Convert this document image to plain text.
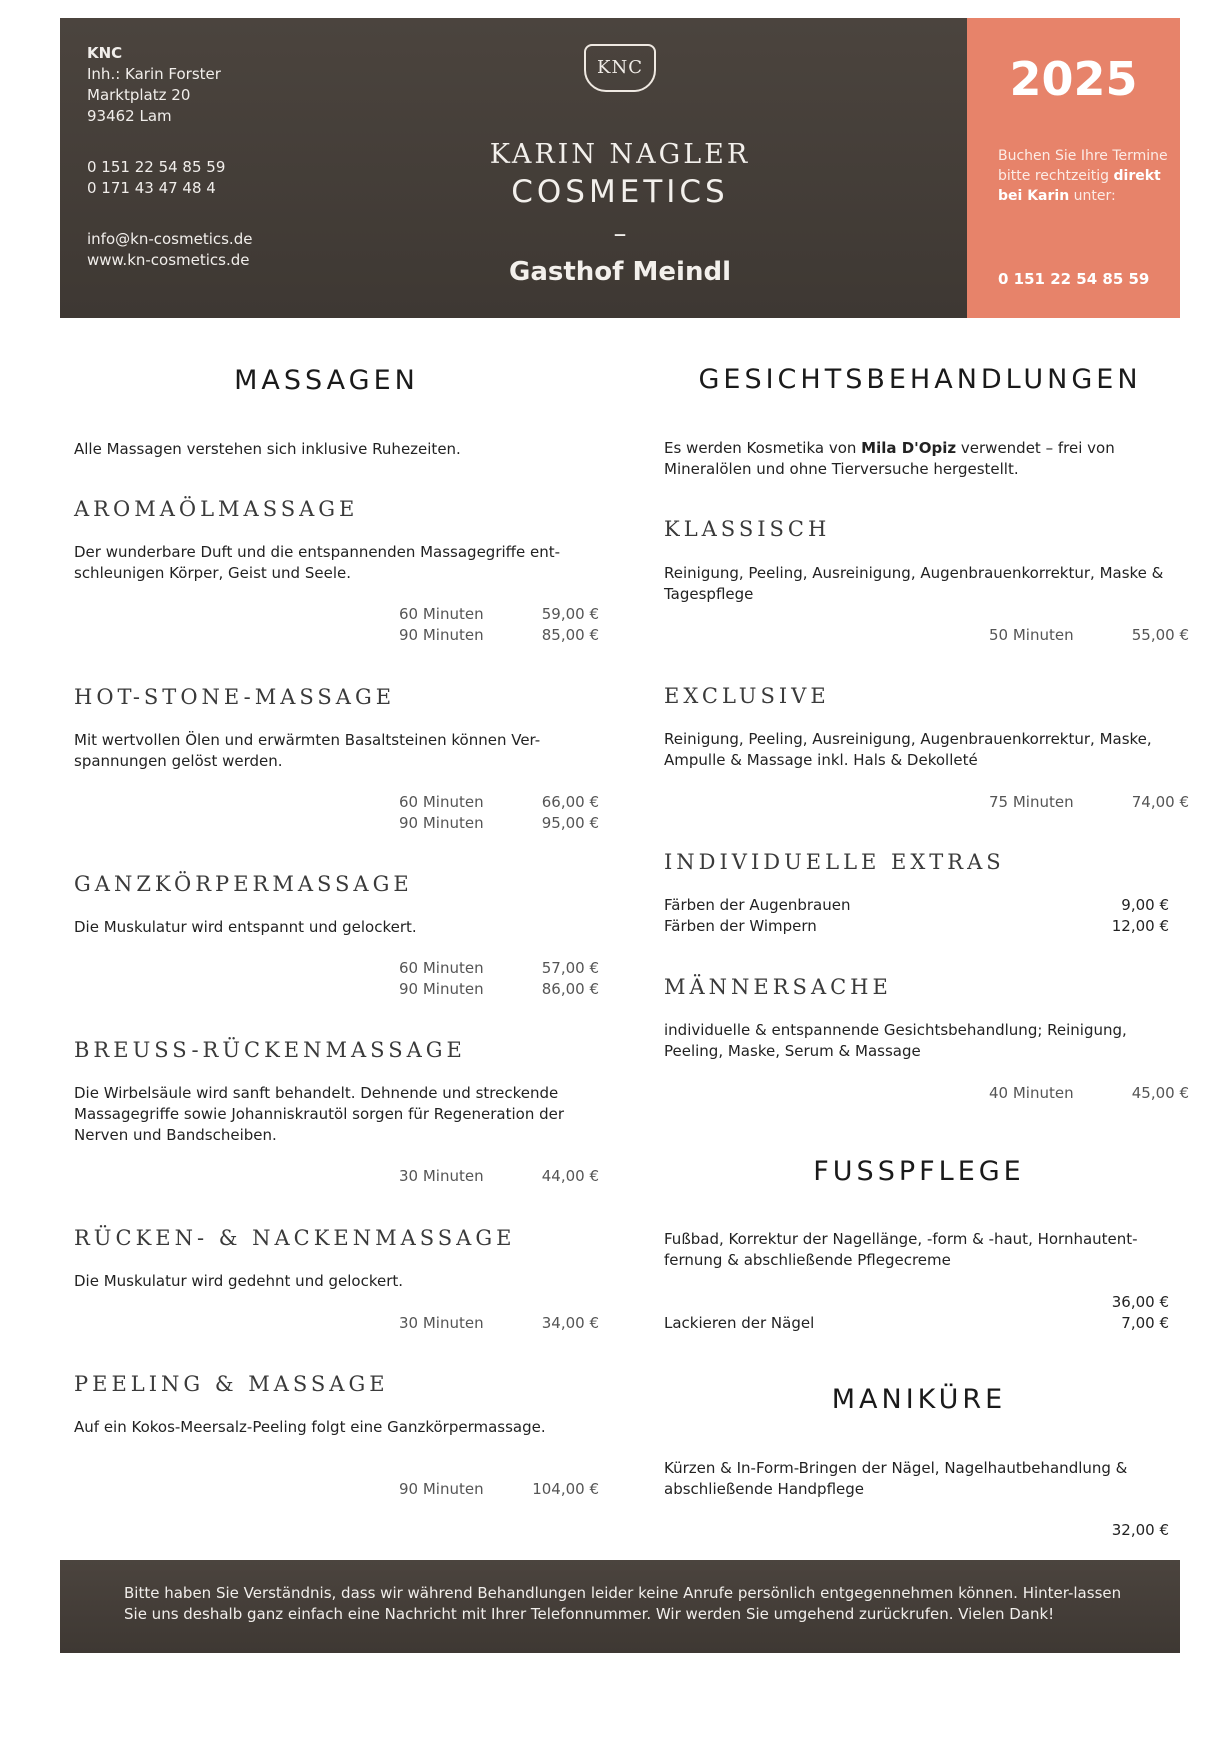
KNC
Inh.: Karin Forster
Marktplatz 20
93462 Lam
0 151 22 54 85 59
0 171 43 47 48 4
info@kn-cosmetics.de
www.kn-cosmetics.de
KNC
KARIN NAGLER
COSMETICS
–
Gasthof Meindl
2025
Buchen Sie Ihre Termine bitte rechtzeitig direkt bei Karin unter:
0 151 22 54 85 59
MASSAGEN
Alle Massagen verstehen sich inklusive Ruhezeiten.
AROMAÖLMASSAGE
Der wunderbare Duft und die entspannenden Massagegriffe ent-schleunigen Körper, Geist und Seele.
60 Minuten	59,00 €
90 Minuten	85,00 €
HOT-STONE-MASSAGE
Mit wertvollen Ölen und erwärmten Basaltsteinen können Ver-spannungen gelöst werden.
60 Minuten	66,00 €
90 Minuten	95,00 €
GANZKÖRPERMASSAGE
Die Muskulatur wird entspannt und gelockert.
60 Minuten	57,00 €
90 Minuten	86,00 €
BREUSS-RÜCKENMASSAGE
Die Wirbelsäule wird sanft behandelt. Dehnende und streckende Massagegriffe sowie Johanniskrautöl sorgen für Regeneration der Nerven und Bandscheiben.
30 Minuten	44,00 €
RÜCKEN- & NACKENMASSAGE
Die Muskulatur wird gedehnt und gelockert.
30 Minuten	34,00 €
PEELING & MASSAGE
Auf ein Kokos-Meersalz-Peeling folgt eine Ganzkörpermassage.
90 Minuten	104,00 €
GESICHTSBEHANDLUNGEN
Es werden Kosmetika von Mila D'Opiz verwendet – frei von Mineralölen und ohne Tierversuche hergestellt.
KLASSISCH
Reinigung, Peeling, Ausreinigung, Augenbrauenkorrektur, Maske & Tagespflege
50 Minuten	55,00 €
EXCLUSIVE
Reinigung, Peeling, Ausreinigung, Augenbrauenkorrektur, Maske, Ampulle & Massage inkl. Hals & Dekolleté
75 Minuten	74,00 €
INDIVIDUELLE EXTRAS
Färben der Augenbrauen	9,00 €
Färben der Wimpern	12,00 €
MÄNNERSACHE
individuelle & entspannende Gesichtsbehandlung; Reinigung, Peeling, Maske, Serum & Massage
40 Minuten	45,00 €
FUSSPFLEGE
Fußbad, Korrektur der Nagellänge, -form & -haut, Hornhautent-fernung & abschließende Pflegecreme
36,00 €
Lackieren der Nägel	7,00 €
MANIKÜRE
Kürzen & In-Form-Bringen der Nägel, Nagelhautbehandlung & abschließende Handpflege
32,00 €
Bitte haben Sie Verständnis, dass wir während Behandlungen leider keine Anrufe persönlich entgegennehmen können. Hinter-lassen Sie uns deshalb ganz einfach eine Nachricht mit Ihrer Telefonnummer. Wir werden Sie umgehend zurückrufen. Vielen Dank!
